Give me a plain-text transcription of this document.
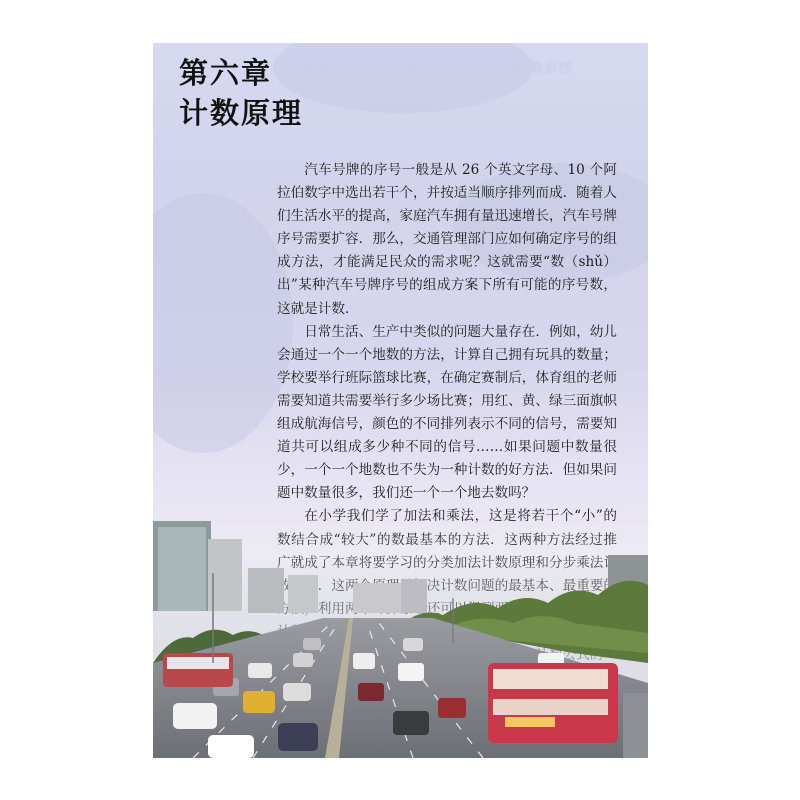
6.1 分类加法计数原理与分步乘法计数原理
第六章
计数原理

汽车号牌的序号一般是从 26 个英文字母、10 个阿拉伯数字中选出若干个，并按适当顺序排列而成．随着人们生活水平的提高，家庭汽车拥有量迅速增长，汽车号牌序号需要扩容．那么，交通管理部门应如何确定序号的组成方法，才能满足民众的需求呢？这就需要“数（shǔ）出”某种汽车号牌序号的组成方案下所有可能的序号数，这就是计数．

日常生活、生产中类似的问题大量存在．例如，幼儿会通过一个一个地数的方法，计算自己拥有玩具的数量；学校要举行班际篮球比赛，在确定赛制后，体育组的老师需要知道共需要举行多少场比赛；用红、黄、绿三面旗帜组成航海信号，颜色的不同排列表示不同的信号，需要知道共可以组成多少种不同的信号……如果问题中数量很少，一个一个地数也不失为一种计数的好方法．但如果问题中数量很多，我们还一个一个地去数吗？
